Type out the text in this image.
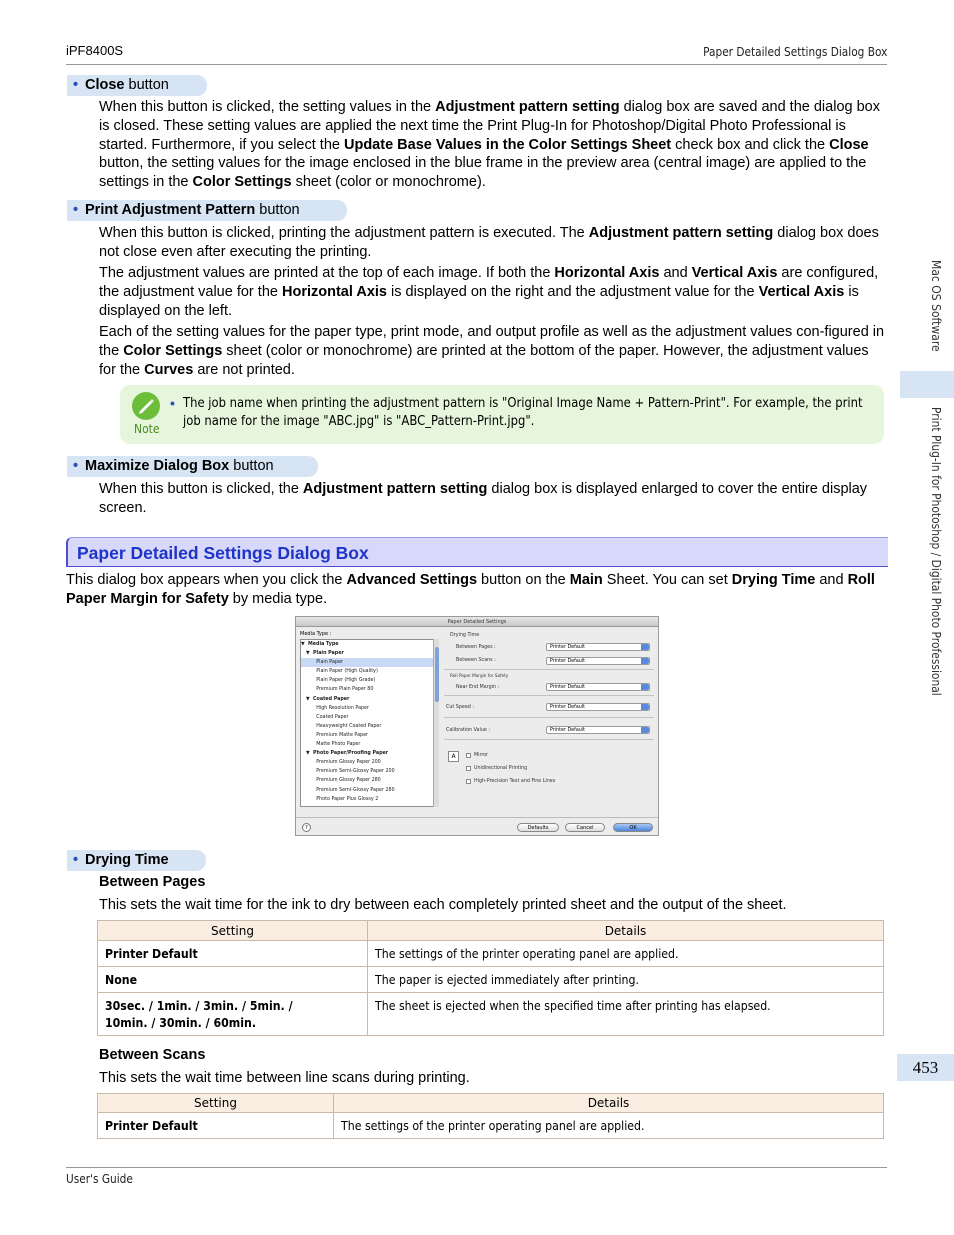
iPF8400S	Paper Detailed Settings Dialog Box
• Close button
When this button is clicked, the setting values in the Adjustment pattern setting dialog box are saved and the dialog box is closed. These setting values are applied the next time the Print Plug-In for Photoshop/Digital Photo Professional is started. Furthermore, if you select the Update Base Values in the Color Settings Sheet check box and click the Close button, the setting values for the image enclosed in the blue frame in the preview area (central image) are applied to the settings in the Color Settings sheet (color or monochrome).
• Print Adjustment Pattern button
When this button is clicked, printing the adjustment pattern is executed. The Adjustment pattern setting dialog box does not close even after executing the printing.
The adjustment values are printed at the top of each image. If both the Horizontal Axis and Vertical Axis are configured, the adjustment value for the Horizontal Axis is displayed on the right and the adjustment value for the Vertical Axis is displayed on the left.
Each of the setting values for the paper type, print mode, and output profile as well as the adjustment values con-figured in the Color Settings sheet (color or monochrome) are printed at the bottom of the paper. However, the adjustment values for the Curves are not printed.
Note
• The job name when printing the adjustment pattern is "Original Image Name + Pattern-Print". For example, the print job name for the image "ABC.jpg" is "ABC_Pattern-Print.jpg".
• Maximize Dialog Box button
When this button is clicked, the Adjustment pattern setting dialog box is displayed enlarged to cover the entire display screen.
Paper Detailed Settings Dialog Box
This dialog box appears when you click the Advanced Settings button on the Main Sheet. You can set Drying Time and Roll Paper Margin for Safety by media type.
Paper Detailed Settings
Media Type :
▼  Media Type
▼  Plain Paper
Plain Paper
Plain Paper (High Quality)
Plain Paper (High Grade)
Premium Plain Paper 80
▼  Coated Paper
High Resolution Paper
Coated Paper
Heavyweight Coated Paper
Premium Matte Paper
Matte Photo Paper
▼  Photo Paper/Proofing Paper
Premium Glossy Paper 200
Premium Semi-Glossy Paper 200
Premium Glossy Paper 280
Premium Semi-Glossy Paper 280
Photo Paper Plus Glossy 2
Drying Time
Between Pages :	Printer Default
Between Scans :	Printer Default
Roll Paper Margin for Safety
Near End Margin :	Printer Default
Cut Speed :	Printer Default
Calibration Value :	Printer Default
A	Mirror
Unidirectional Printing
High-Precision Text and Fine Lines
?	Defaults	Cancel	OK
• Drying Time
Between Pages
This sets the wait time for the ink to dry between each completely printed sheet and the output of the sheet.
Setting	Details
Printer Default	The settings of the printer operating panel are applied.
None	The paper is ejected immediately after printing.

30sec. / 1min. / 3min. / 5min. / 10min. / 30min. / 60min.	The sheet is ejected when the specified time after printing has elapsed.
Between Scans
This sets the wait time between line scans during printing.
Setting	Details
Printer Default	The settings of the printer operating panel are applied.
Mac OS Software
Print Plug-In for Photoshop / Digital Photo Professional
453
User's Guide
